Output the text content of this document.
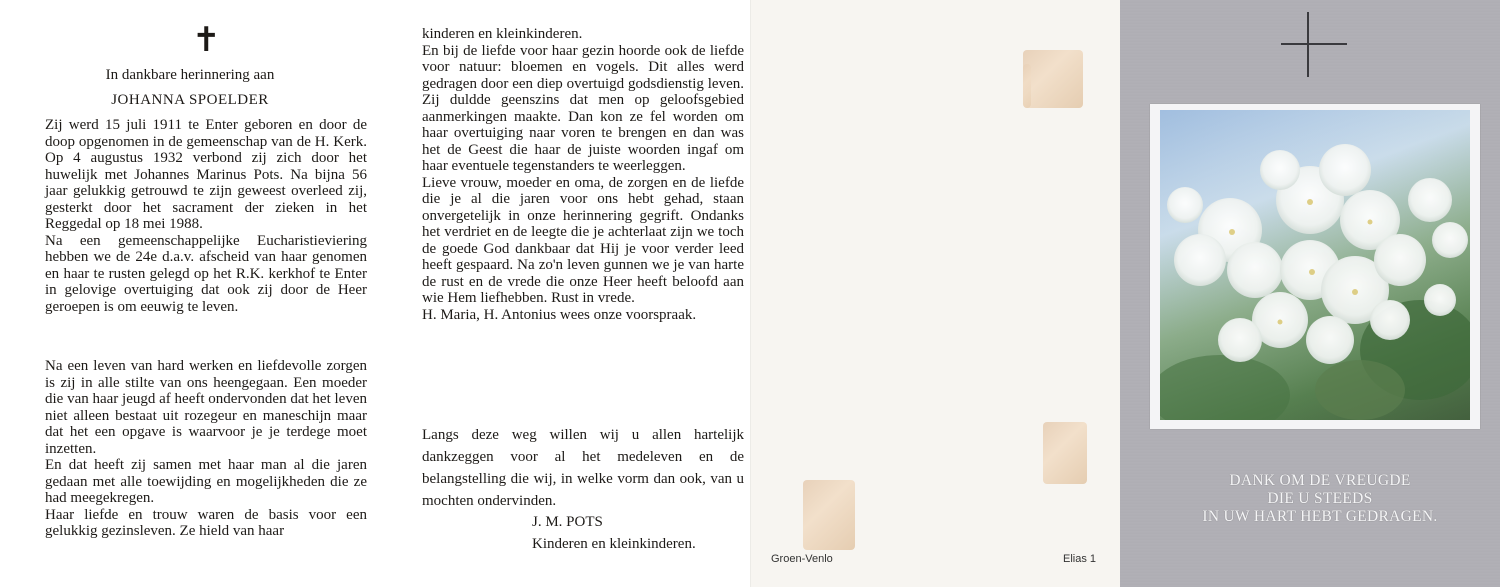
✝
In dankbare herinnering aan
JOHANNA SPOELDER

Zij werd 15 juli 1911 te Enter geboren en door de doop opgenomen in de gemeenschap van de H. Kerk. Op 4 augustus 1932 verbond zij zich door het huwelijk met Johannes Marinus Pots. Na bijna 56 jaar gelukkig getrouwd te zijn geweest overleed zij, gesterkt door het sacrament der zieken in het Reggedal op 18 mei 1988.

Na een gemeenschappelijke Eucharistieviering hebben we de 24e d.a.v. afscheid van haar genomen en haar te rusten gelegd op het R.K. kerkhof te Enter in gelovige overtuiging dat ook zij door de Heer geroepen is om eeuwig te leven.

Na een leven van hard werken en liefdevolle zorgen is zij in alle stilte van ons heengegaan. Een moeder die van haar jeugd af heeft ondervonden dat het leven niet alleen bestaat uit rozegeur en maneschijn maar dat het een opgave is waarvoor je je terdege moet inzetten.

En dat heeft zij samen met haar man al die jaren gedaan met alle toewijding en mogelijkheden die ze had meegekregen.

Haar liefde en trouw waren de basis voor een gelukkig gezinsleven. Ze hield van haar

kinderen en kleinkinderen.

En bij de liefde voor haar gezin hoorde ook de liefde voor natuur: bloemen en vogels. Dit alles werd gedragen door een diep overtuigd godsdienstig leven. Zij duldde geenszins dat men op geloofsgebied aanmerkingen maakte. Dan kon ze fel worden om haar overtuiging naar voren te brengen en dan was het de Geest die haar de juiste woorden ingaf om haar eventuele tegenstanders te weerleggen.

Lieve vrouw, moeder en oma, de zorgen en de liefde die je al die jaren voor ons hebt gehad, staan onvergetelijk in onze herinnering gegrift. Ondanks het verdriet en de leegte die je achterlaat zijn we toch de goede God dankbaar dat Hij je voor verder leed heeft gespaard. Na zo'n leven gunnen we je van harte de rust en de vrede die onze Heer heeft beloofd aan wie Hem liefhebben. Rust in vrede.

H. Maria, H. Antonius wees onze voorspraak.

Langs deze weg willen wij u allen hartelijk dankzeggen voor al het medeleven en de belangstelling die wij, in welke vorm dan ook, van u mochten ondervinden.

J. M. POTS

Kinderen en kleinkinderen.

Groen-Venlo	Elias 1
DANK OM DE VREUGDE
DIE U STEEDS
IN UW HART HEBT GEDRAGEN.
